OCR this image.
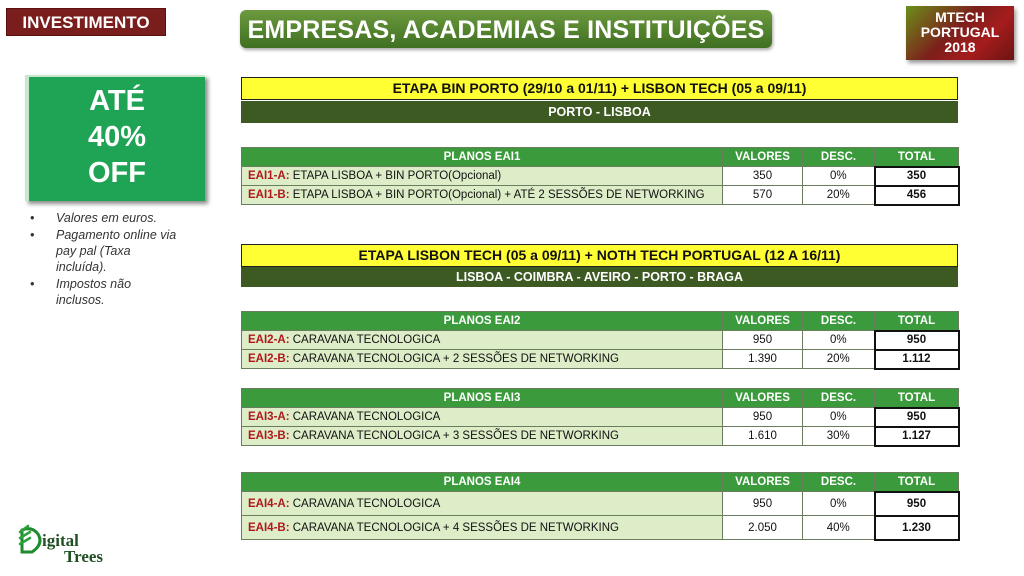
INVESTIMENTO	EMPRESAS, ACADEMIAS E INSTITUIÇÕES	MTECH
PORTUGAL
2018
ATÉ
40%
OFF
• Valores em euros.
• Pagamento online via pay pal (Taxa incluída).
• Impostos não inclusos.
ETAPA BIN PORTO (29/10 a 01/11) + LISBON TECH (05 a 09/11)
PORTO - LISBOA
ETAPA LISBON TECH (05 a 09/11) + NOTH TECH PORTUGAL (12 A 16/11)
LISBOA - COIMBRA - AVEIRO - PORTO - BRAGA
PLANOS EAI1	VALORES	DESC.	TOTAL
EAI1-A: ETAPA LISBOA + BIN PORTO(Opcional)	350	0%	350
EAI1-B: ETAPA LISBOA + BIN PORTO(Opcional) + ATÉ 2 SESSÕES DE NETWORKING	570	20%	456
PLANOS EAI2	VALORES	DESC.	TOTAL
EAI2-A: CARAVANA TECNOLOGICA	950	0%	950
EAI2-B: CARAVANA TECNOLOGICA + 2 SESSÕES DE NETWORKING	1.390	20%	1.112
PLANOS EAI3	VALORES	DESC.	TOTAL
EAI3-A: CARAVANA TECNOLOGICA	950	0%	950
EAI3-B: CARAVANA TECNOLOGICA + 3 SESSÕES DE NETWORKING	1.610	30%	1.127
PLANOS EAI4	VALORES	DESC.	TOTAL
EAI4-A: CARAVANA TECNOLOGICA	950	0%	950
EAI4-B: CARAVANA TECNOLOGICA + 4 SESSÕES DE NETWORKING	2.050	40%	1.230
igital
Trees
